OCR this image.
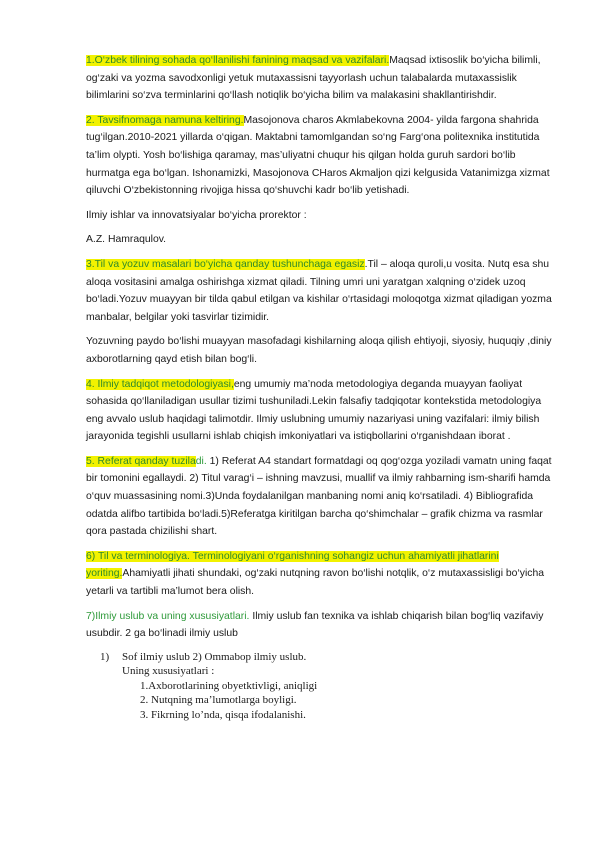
1.O‘zbek tilining sohada qo‘llanilishi fanining maqsad va vazifalari.Maqsad ixtisoslik bo‘yicha bilimli, og‘zaki va yozma savodxonligi yetuk mutaxassisni tayyorlash uchun talabalarda mutaxassislik bilimlarini so‘zva terminlarini qo‘llash notiqlik bo‘yicha bilim va malakasini shakllantirishdir.

2. Tavsifnomaga namuna keltiring.Masojonova charos Akmlabekovna 2004- yilda fargona shahrida tug‘ilgan.2010-2021 yillarda o‘qigan. Maktabni tamomlgandan so‘ng Farg‘ona politexnika institutida ta’lim olypti. Yosh bo‘lishiga qaramay, mas’uliyatni chuqur his qilgan holda guruh sardori bo‘lib hurmatga ega bo‘lgan. Ishonamizki, Masojonova CHaros Akmaljon qizi kelgusida Vatanimizga xizmat qiluvchi O‘zbekistonning rivojiga hissa qo‘shuvchi kadr bo‘lib yetishadi.

Ilmiy ishlar va innovatsiyalar bo‘yicha prorektor :

A.Z. Hamraqulov.

3.Til va yozuv masalari bo‘yicha qanday tushunchaga egasiz.Til – aloqa quroli,u vosita. Nutq esa shu aloqa vositasini amalga oshirishga xizmat qiladi. Tilning umri uni yaratgan xalqning o‘zidek uzoq bo‘ladi.Yozuv muayyan bir tilda qabul etilgan va kishilar o‘rtasidagi moloqotga xizmat qiladigan yozma manbalar, belgilar yoki tasvirlar tizimidir.

Yozuvning paydo bo‘lishi muayyan masofadagi kishilarning aloqa qilish ehtiyoji, siyosiy, huquqiy ,diniy axborotlarning qayd etish bilan bog‘li.

4. Ilmiy tadqiqot metodologiyasi,eng umumiy ma’noda metodologiya deganda muayyan faoliyat sohasida qo‘llaniladigan usullar tizimi tushuniladi.Lekin falsafiy tadqiqotar kontekstida metodologiya eng avvalo uslub haqidagi talimotdir. Ilmiy uslubning umumiy nazariyasi uning vazifalari: ilmiy bilish jarayonida tegishli usullarni ishlab chiqish imkoniyatlari va istiqbollarini o‘rganishdaan iborat .

5. Referat qanday tuziladi. 1) Referat A4 standart formatdagi oq qog‘ozga yoziladi vamatn uning faqat bir tomonini egallaydi. 2) Titul varag‘i – ishning mavzusi, muallif va ilmiy rahbarning ism-sharifi hamda o‘quv muassasining nomi.3)Unda foydalanilgan manbaning nomi aniq ko‘rsatiladi. 4) Bibliografida odatda alifbo tartibida bo‘ladi.5)Referatga kiritilgan barcha qo‘shimchalar – grafik chizma va rasmlar qora pastada chizilishi shart.

6) Til va terminologiya. Terminologiyani o‘rganishning sohangiz uchun ahamiyatli jihatlarini yoriting.Ahamiyatli jihati shundaki, og‘zaki nutqning ravon bo‘lishi notqlik, o‘z mutaxassisligi bo‘yicha yetarli va tartibli ma’lumot bera olish.

7)Ilmiy uslub va uning xususiyatlari. Ilmiy uslub fan texnika va ishlab chiqarish bilan bog‘liq vazifaviy usubdir. 2 ga bo‘linadi ilmiy uslub

1) Sof ilmiy uslub 2) Ommabop ilmiy uslub.
Uning xususiyatlari :
1.Axborotlarining obyetktivligi, aniqligi
2. Nutqning ma’lumotlarga boyligi.
3. Fikrning lo’nda, qisqa ifodalanishi.
